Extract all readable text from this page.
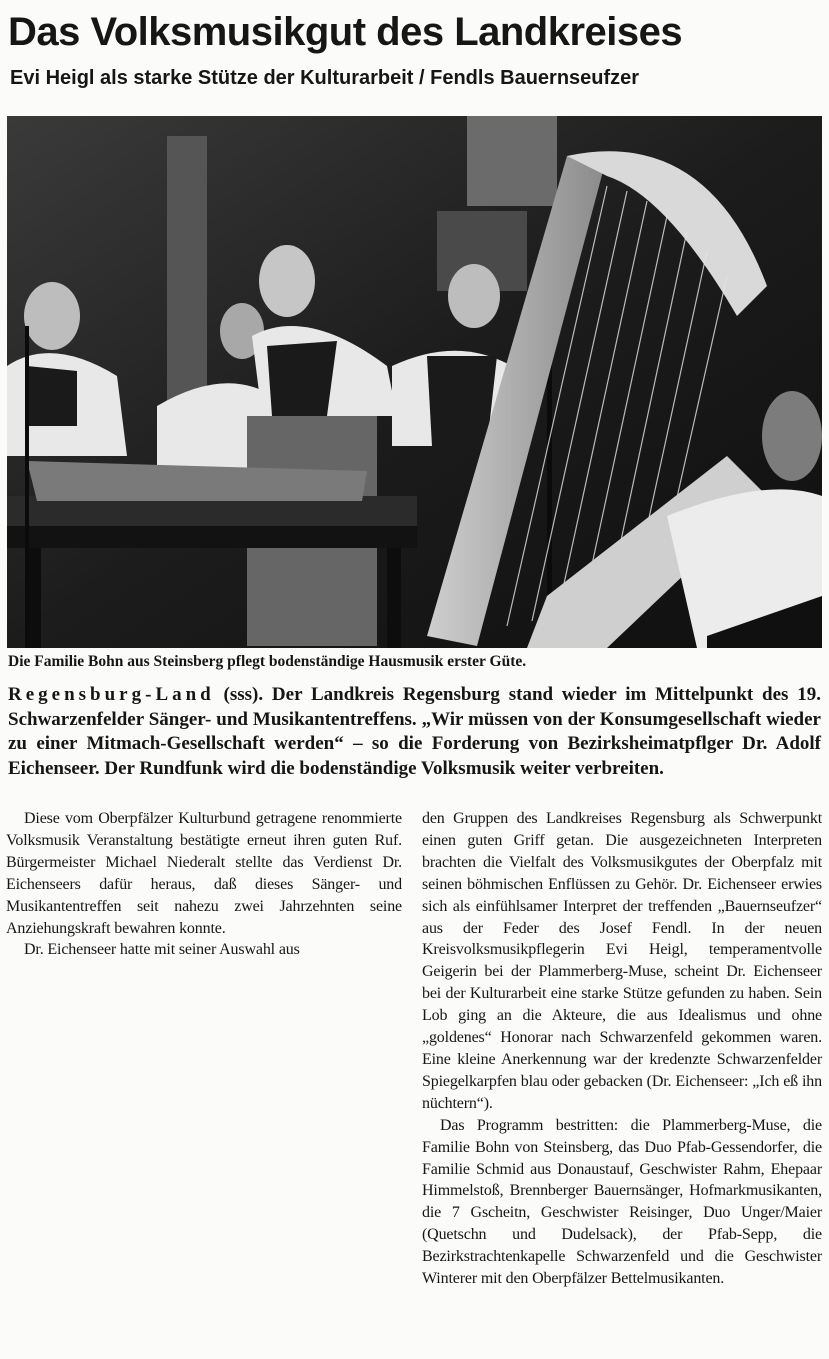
Das Volksmusikgut des Landkreises
Evi Heigl als starke Stütze der Kulturarbeit / Fendls Bauernseufzer

Die Familie Bohn aus Steinsberg pflegt bodenständige Hausmusik erster Güte.

Regensburg-Land (sss). Der Landkreis Regensburg stand wieder im Mittelpunkt des 19. Schwarzenfelder Sänger- und Musikantentreffens. „Wir müssen von der Konsumgesellschaft wieder zu einer Mitmach-Gesellschaft werden“ – so die Forderung von Bezirksheimatpflger Dr. Adolf Eichenseer. Der Rundfunk wird die bodenständige Volksmusik weiter verbreiten.

Diese vom Oberpfälzer Kulturbund getragene renommierte Volksmusik Veranstaltung bestätigte erneut ihren guten Ruf. Bürgermeister Michael Niederalt stellte das Verdienst Dr. Eichenseers dafür heraus, daß dieses Sänger- und Musikantentreffen seit nahezu zwei Jahrzehnten seine Anziehungskraft bewahren konnte.

Dr. Eichenseer hatte mit seiner Auswahl aus

den Gruppen des Landkreises Regensburg als Schwerpunkt einen guten Griff getan. Die ausgezeichneten Interpreten brachten die Vielfalt des Volksmusikgutes der Oberpfalz mit seinen böhmischen Enflüssen zu Gehör. Dr. Eichenseer erwies sich als einfühlsamer Interpret der treffenden „Bauernseufzer“ aus der Feder des Josef Fendl. In der neuen Kreisvolksmusikpflegerin Evi Heigl, temperamentvolle Geigerin bei der Plammerberg-Muse, scheint Dr. Eichenseer bei der Kulturarbeit eine starke Stütze gefunden zu haben. Sein Lob ging an die Akteure, die aus Idealismus und ohne „goldenes“ Honorar nach Schwarzenfeld gekommen waren. Eine kleine Anerkennung war der kredenzte Schwarzenfelder Spiegelkarpfen blau oder gebacken (Dr. Eichenseer: „Ich eß ihn nüchtern“).

Das Programm bestritten: die Plammerberg-Muse, die Familie Bohn von Steinsberg, das Duo Pfab-Gessendorfer, die Familie Schmid aus Donaustauf, Geschwister Rahm, Ehepaar Himmelstoß, Brennberger Bauernsänger, Hofmarkmusikanten, die 7 Gscheitn, Geschwister Reisinger, Duo Unger/Maier (Quetschn und Dudelsack), der Pfab-Sepp, die Bezirkstrachtenkapelle Schwarzenfeld und die Geschwister Winterer mit den Oberpfälzer Bettelmusikanten.
